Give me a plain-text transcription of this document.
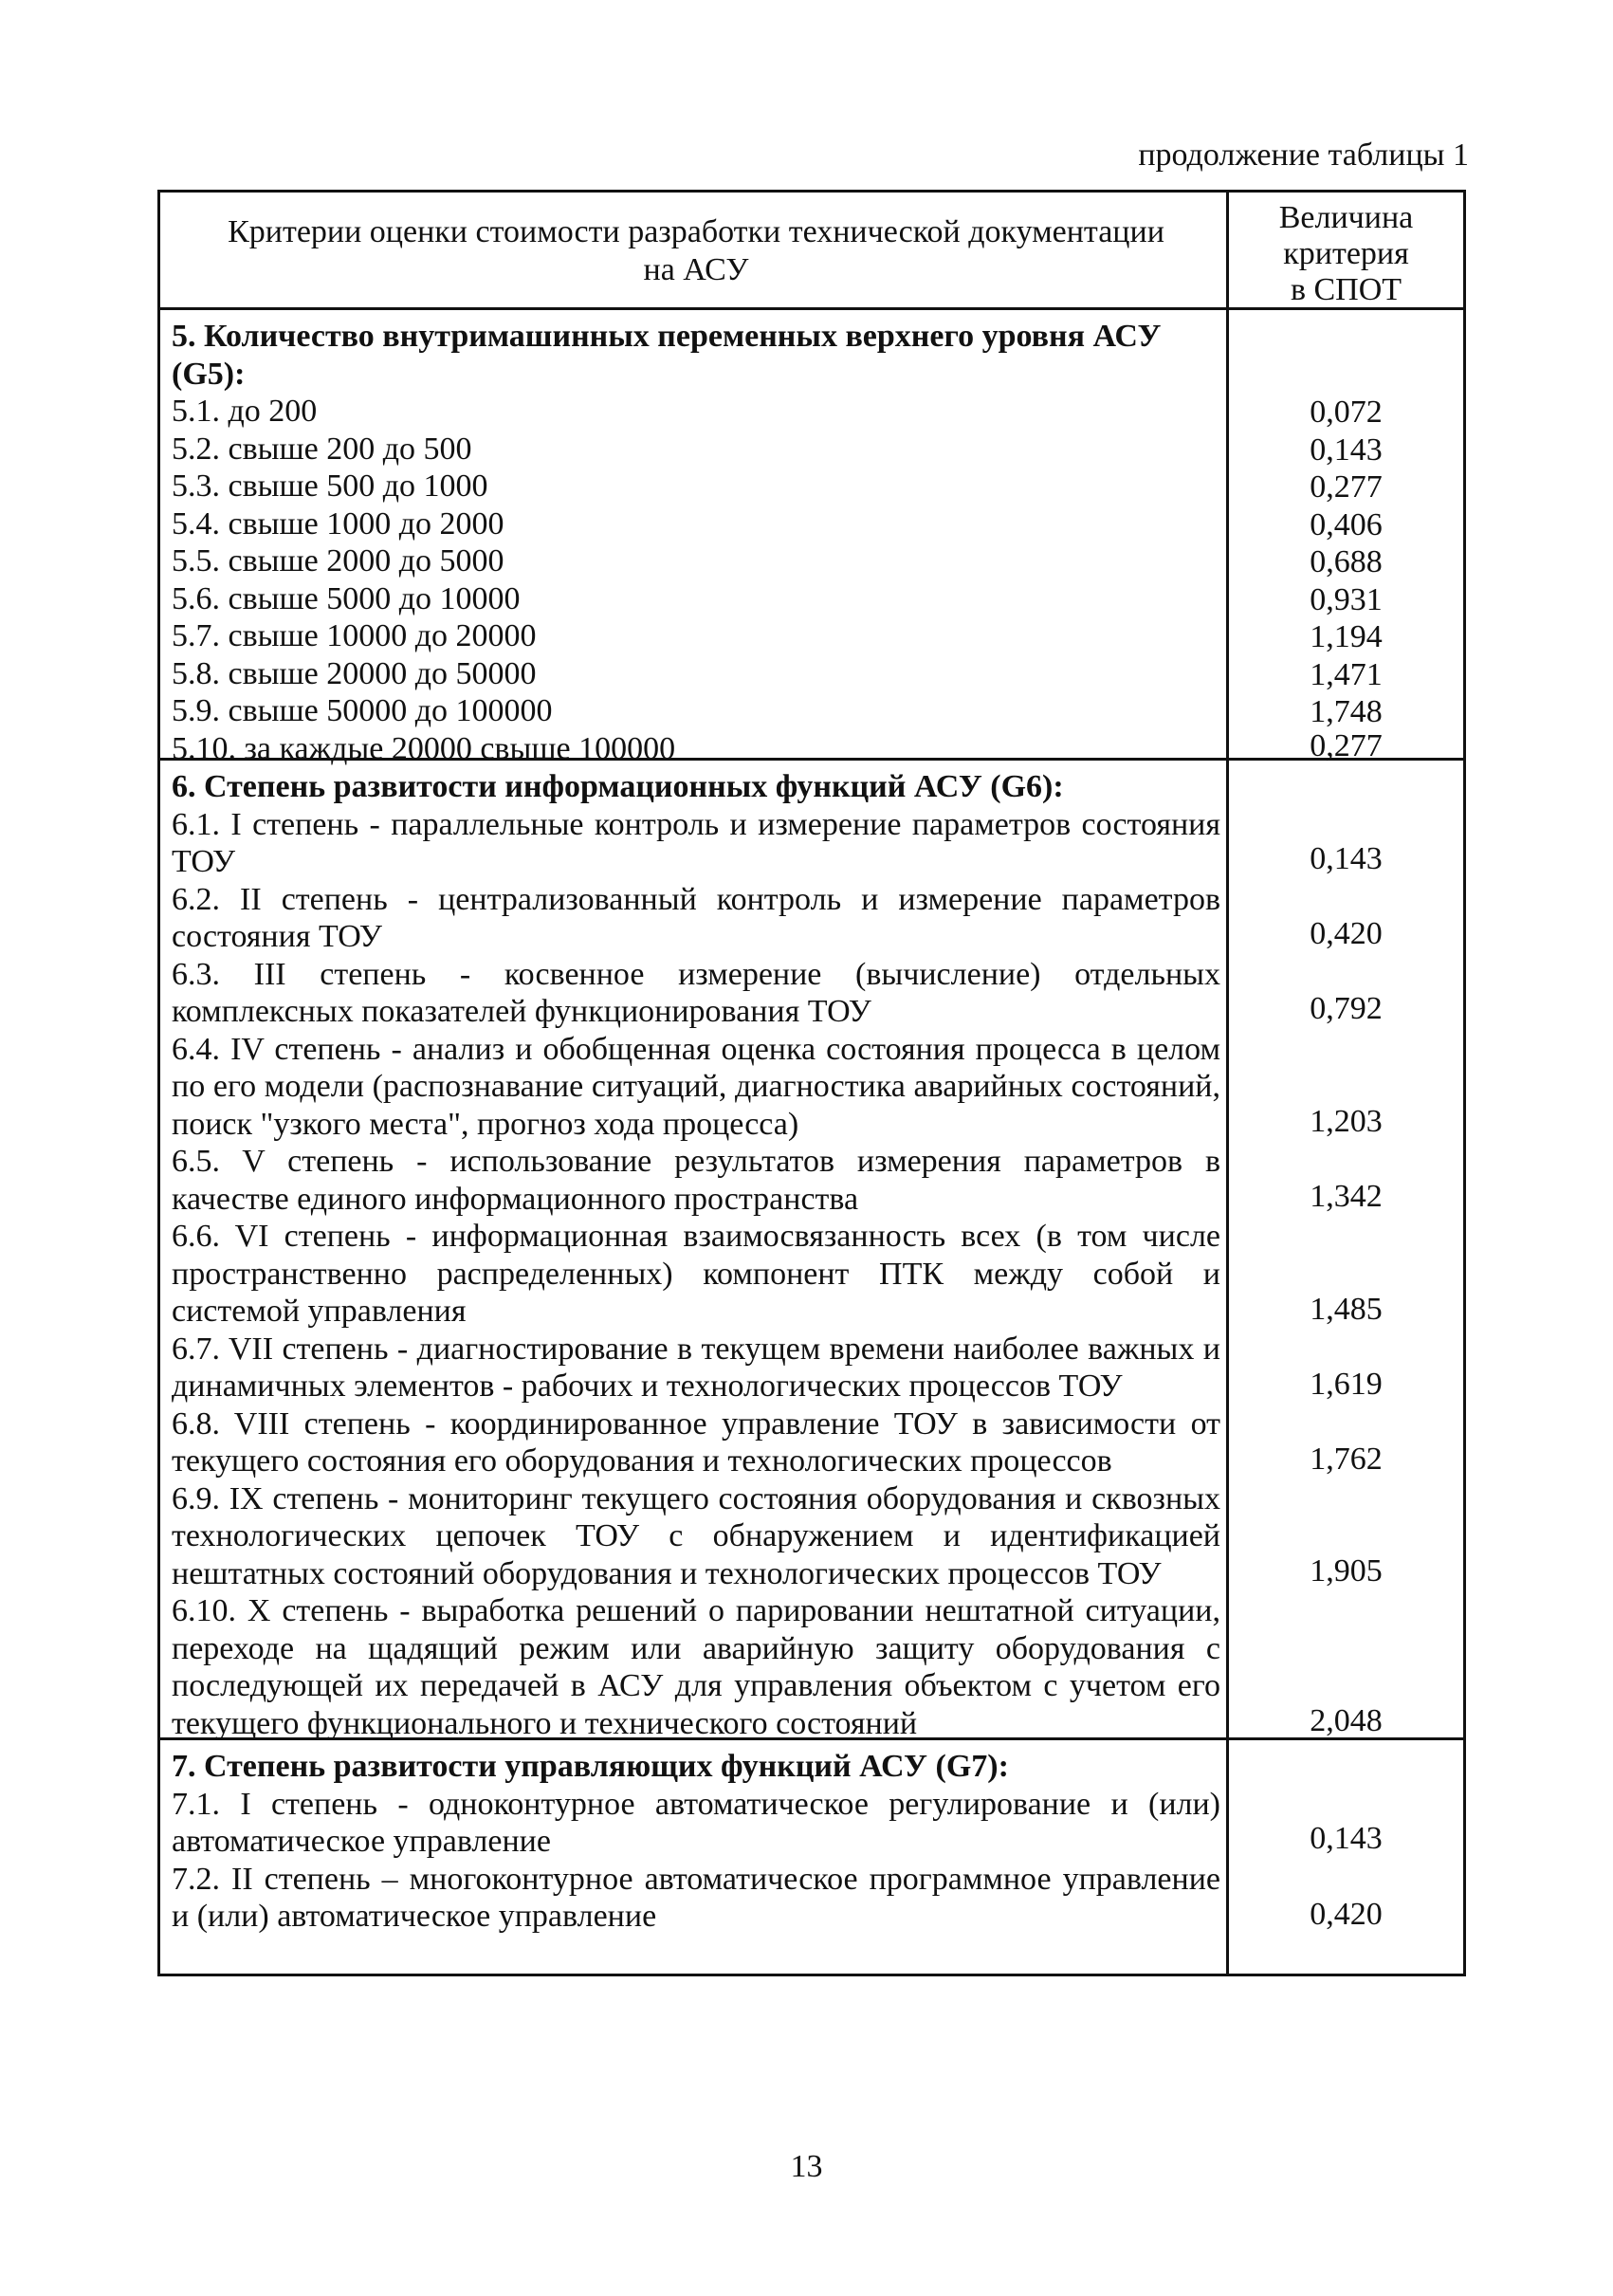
продолжение таблицы 1
Критерии оценки стоимости разработки технической документации
на АСУ
Величина
критерия
в СПОТ
5. Количество внутримашинных переменных верхнего уровня АСУ (G5):
5.1. до 200
5.2. свыше 200 до 500
5.3. свыше 500 до 1000
5.4. свыше 1000 до 2000
5.5. свыше 2000 до 5000
5.6. свыше 5000 до 10000
5.7. свыше 10000 до 20000
5.8. свыше 20000 до 50000
5.9. свыше 50000 до 100000
5.10. за каждые 20000 свыше 100000
0,072
0,143
0,277
0,406
0,688
0,931
1,194
1,471
1,748
0,277
6. Степень развитости информационных функций АСУ (G6):
6.1. I степень - параллельные контроль и измерение параметров состояния ТОУ
6.2. II степень - централизованный контроль и измерение параметров состояния ТОУ
6.3. III степень - косвенное измерение (вычисление) отдельных комплексных показателей функционирования ТОУ
6.4. IV степень - анализ и обобщенная оценка состояния процесса в целом по его модели (распознавание ситуаций, диагностика аварийных состояний, поиск "узкого места", прогноз хода процесса)
6.5. V степень - использование результатов измерения параметров в качестве единого информационного пространства
6.6. VI степень - информационная взаимосвязанность всех (в том числе пространственно распределенных) компонент ПТК между собой и системой управления
6.7. VII степень - диагностирование в текущем времени наиболее важных и динамичных элементов - рабочих и технологических процессов ТОУ
6.8. VIII степень - координированное управление ТОУ в зависимости от текущего состояния его оборудования и технологических процессов
6.9. IX степень - мониторинг текущего состояния оборудования и сквозных технологических цепочек ТОУ с обнаружением и идентификацией нештатных состояний оборудования и технологических процессов ТОУ
6.10. X степень - выработка решений о парировании нештатной ситуации, переходе на щадящий режим или аварийную защиту оборудования с последующей их передачей в АСУ для управления объектом с учетом его текущего функционального и технического состояний
0,143
0,420
0,792
1,203
1,342
1,485
1,619
1,762
1,905
2,048
7. Степень развитости управляющих функций АСУ (G7):
7.1. I степень - одноконтурное автоматическое регулирование и (или) автоматическое управление
7.2. II степень – многоконтурное автоматическое программное управление и (или) автоматическое управление
0,143
0,420
13
